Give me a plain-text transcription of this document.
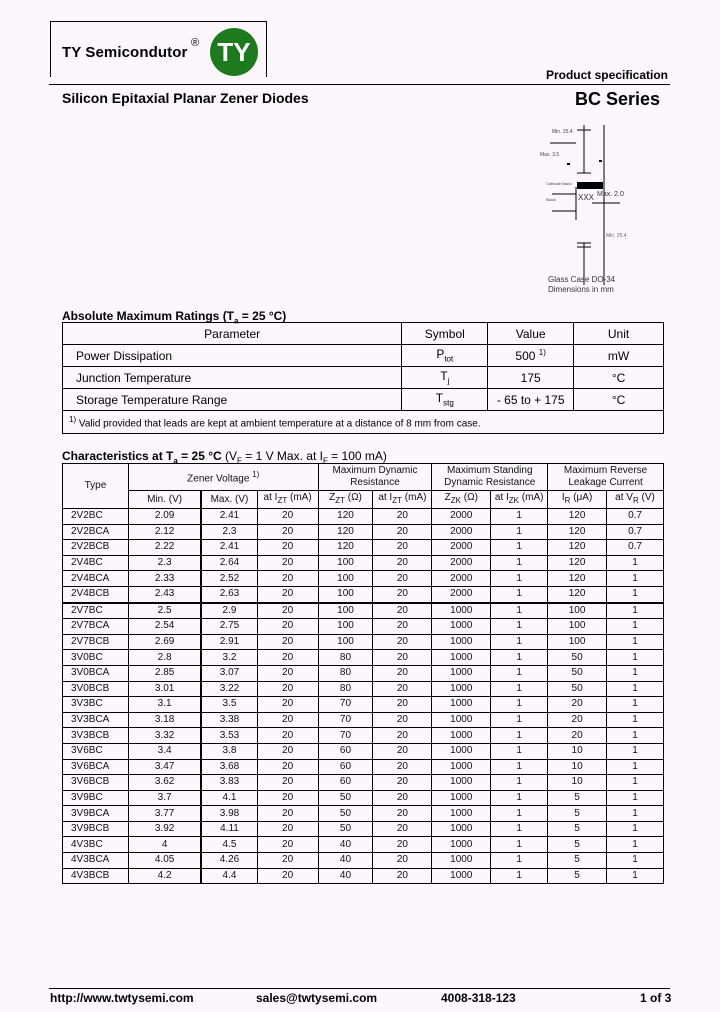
TY Semicondutor
® TY
Product specification
Silicon Epitaxial Planar Zener Diodes	BC Series
Min. 25.4
Max. 3.5
Cathode Band
Black	XXX Max. 2.0
Min. 25.4
Glass Case DO-34
Dimensions in mm
Absolute Maximum Ratings ($T_a = 25$ °C)
Parameter	Symbol	Value	Unit
Power Dissipation	$P_{tot}$	500 $^{1)}$	mW
Junction Temperature	$T_j$	175	°C
Storage Temperature Range	$T_{stg}$	- 65 to + 175	°C
$^{1)}$ Valid provided that leads are kept at ambient temperature at a distance of 8 mm from case.			
Characteristics at $T_a = 25$ °C ($V_F = 1$ V Max. at $I_F = 100$ mA)
Type	Zener Voltage $^{1)}$			Maximum Dynamic Resistance		Maximum Standing Dynamic Resistance		Maximum Reverse Leakage Current	
	Min. (V)	Max. (V)	at $I_{ZT}$ (mA)	$Z_{ZT}$ (Ω)	at $I_{ZT}$ (mA)	$Z_{ZK}$ (Ω)	at $I_{ZK}$ (mA)	$I_R$ (μA)	at $V_R$ (V)
2V2BC	2.09	2.41	20	120	20	2000	1	120	0.7
2V2BCA	2.12	2.3	20	120	20	2000	1	120	0.7
2V2BCB	2.22	2.41	20	120	20	2000	1	120	0.7
2V4BC	2.3	2.64	20	100	20	2000	1	120	1
2V4BCA	2.33	2.52	20	100	20	2000	1	120	1
2V4BCB	2.43	2.63	20	100	20	2000	1	120	1
2V7BC	2.5	2.9	20	100	20	1000	1	100	1
2V7BCA	2.54	2.75	20	100	20	1000	1	100	1
2V7BCB	2.69	2.91	20	100	20	1000	1	100	1
3V0BC	2.8	3.2	20	80	20	1000	1	50	1
3V0BCA	2.85	3.07	20	80	20	1000	1	50	1
3V0BCB	3.01	3.22	20	80	20	1000	1	50	1
3V3BC	3.1	3.5	20	70	20	1000	1	20	1
3V3BCA	3.18	3.38	20	70	20	1000	1	20	1
3V3BCB	3.32	3.53	20	70	20	1000	1	20	1
3V6BC	3.4	3.8	20	60	20	1000	1	10	1
3V6BCA	3.47	3.68	20	60	20	1000	1	10	1
3V6BCB	3.62	3.83	20	60	20	1000	1	10	1
3V9BC	3.7	4.1	20	50	20	1000	1	5	1
3V9BCA	3.77	3.98	20	50	20	1000	1	5	1
3V9BCB	3.92	4.11	20	50	20	1000	1	5	1
4V3BC	4	4.5	20	40	20	1000	1	5	1
4V3BCA	4.05	4.26	20	40	20	1000	1	5	1
4V3BCB	4.2	4.4	20	40	20	1000	1	5	1
http://www.twtysemi.com	sales@twtysemi.com	4008-318-123	1 of 3
